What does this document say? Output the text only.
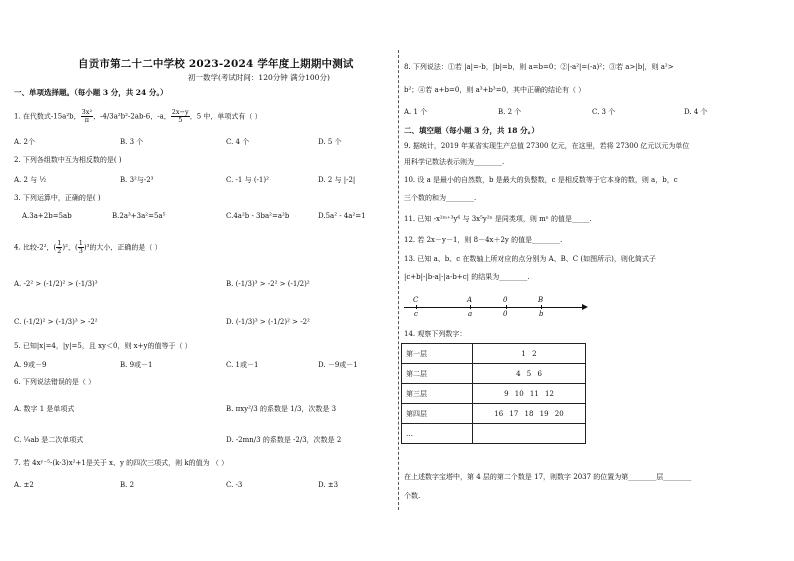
自贡市第二十二中学校 2023-2024 学年度上期期中测试
初一数学(考试时间：120分钟 满分100分)
一、单项选择题。（每小题 3 分，共 24 分。）
1. 在代数式-15a²b， $\frac{\text{3x²}}{\pi}$ ，-4/3a²b²-2ab-6，-a， $\frac{2x-y}{5}$ ，5 中，单项式有（ ）
A. 2个	B. 3 个	C. 4 个	D. 5 个
2. 下列各组数中互为相反数的是( )
A. 2 与 ½	B. 3²与-2³	C. -1 与 (-1)²	D. 2 与 |-2|
3. 下列运算中，正确的是( )
A.3a+2b=5ab	B.2a³+3a²=5a⁵	C.4a²b - 3ba²=a²b	D.5a² - 4a²=1
4. 比较-2²，( $\frac{1}{2} )^2$，( $\frac{1}{3} )^3$的大小，正确的是（ ）
A. -2² > (-1/2)² > (-1/3)³	B. (-1/3)³ > -2² > (-1/2)²
C. (-1/2)² > (-1/3)³ > -2²	D. (-1/3)³ > (-1/2)² > -2²
5. 已知|x|=4，|y|=5，且 xy＜0，则 x+y的值等于（ ）
A. 9或－9	B. 9或－1	C. 1或－1	D. －9或－1
6. 下列说法错误的是（ ）
A. 数字 1 是单项式	B. πxy²/3 的系数是 1/3，次数是 3
C. ¼ab 是二次单项式	D. -2mn/3 的系数是 -2/3，次数是 2
7. 若 4xʸ⁻⁵-(k-3)x²+1是关于 x、y 的四次三项式，则 k的值为 （ ）
A. ±2	B. 2	C. -3	D. ±3
8. 下列说法：①若 |a|=-b，|b|=b，则 a=b=0；②|-a²|=(-a)²；③若 a>|b|，则 a²>
b²；④若 a+b=0，则 a³+b³=0，其中正确的结论有（ ）
A. 1 个	B. 2 个	C. 3 个	D. 4 个
二、填空题（每小题 3 分，共 18 分。）
9. 据统计，2019 年某省实现生产总值 27300 亿元，在这里，若将 27300 亿元以元为单位
用科学记数法表示则为________.
10. 设 a 是最小的自然数，b 是最大的负整数，c 是相反数等于它本身的数，则 a，b，c
三个数的和为________.
11. 已知 -x²ᵐ⁺³y⁶ 与 3x⁵y²ⁿ 是同类项，则 mⁿ 的值是_____.
12. 若 2x－y－1，则 8－4x＋2y 的值是________.
13. 已知 a、b、c 在数轴上所对应的点分别为 A、B、C (如图所示)，则化简式子
|c+b|-|b-a|-|a-b+c| 的结果为________.
C	A	0	B
c	a	0	b
14. 观察下列数字：
第一层	1 2
第二层	4 5 6
第三层	9 10 11 12
第四层	16 17 18 19 20
…	
在上述数字宝塔中，第 4 层的第二个数是 17，则数字 2037 的位置为第________层________
个数.
